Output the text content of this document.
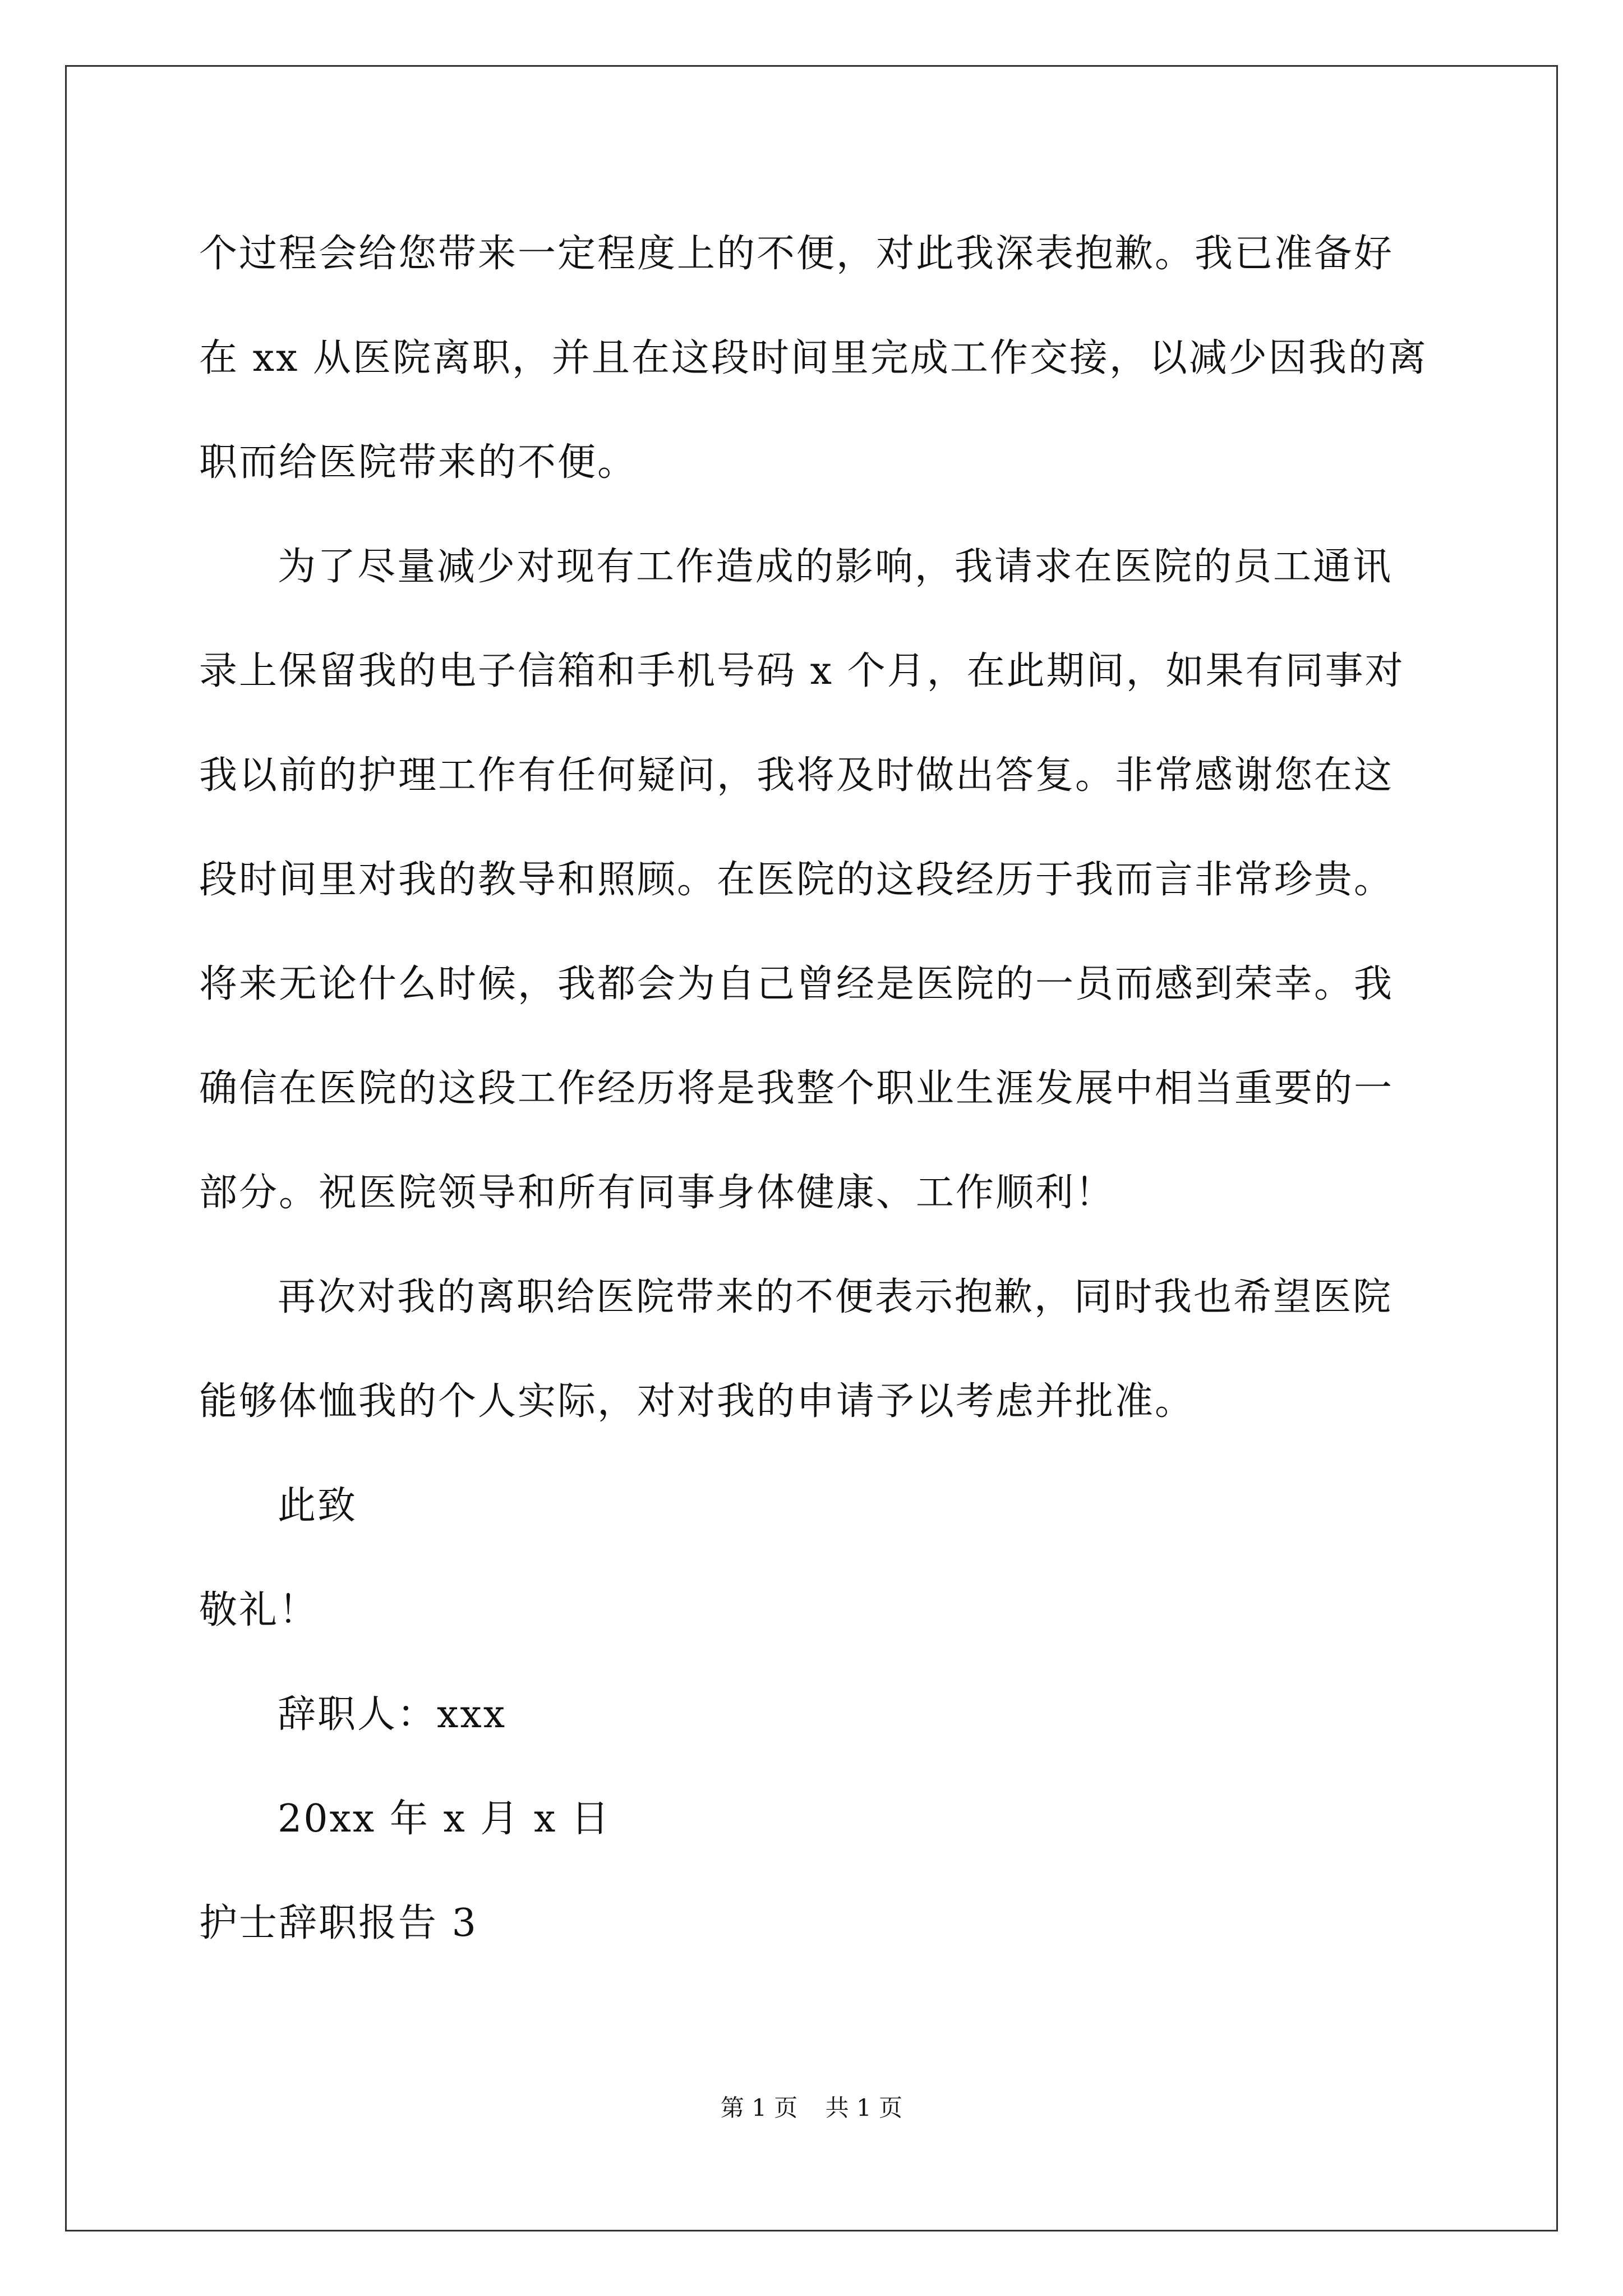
个过程会给您带来一定程度上的不便，对此我深表抱歉。我已准备好
在 xx 从医院离职，并且在这段时间里完成工作交接，以减少因我的离
职而给医院带来的不便。
为了尽量减少对现有工作造成的影响，我请求在医院的员工通讯
录上保留我的电子信箱和手机号码 x 个月，在此期间，如果有同事对
我以前的护理工作有任何疑问，我将及时做出答复。非常感谢您在这
段时间里对我的教导和照顾。在医院的这段经历于我而言非常珍贵。
将来无论什么时候，我都会为自己曾经是医院的一员而感到荣幸。我
确信在医院的这段工作经历将是我整个职业生涯发展中相当重要的一
部分。祝医院领导和所有同事身体健康、工作顺利！
再次对我的离职给医院带来的不便表示抱歉，同时我也希望医院
能够体恤我的个人实际，对对我的申请予以考虑并批准。
此致
敬礼！
辞职人：xxx
20xx 年 x 月 x 日
护士辞职报告 3
第 1 页 共 1 页
